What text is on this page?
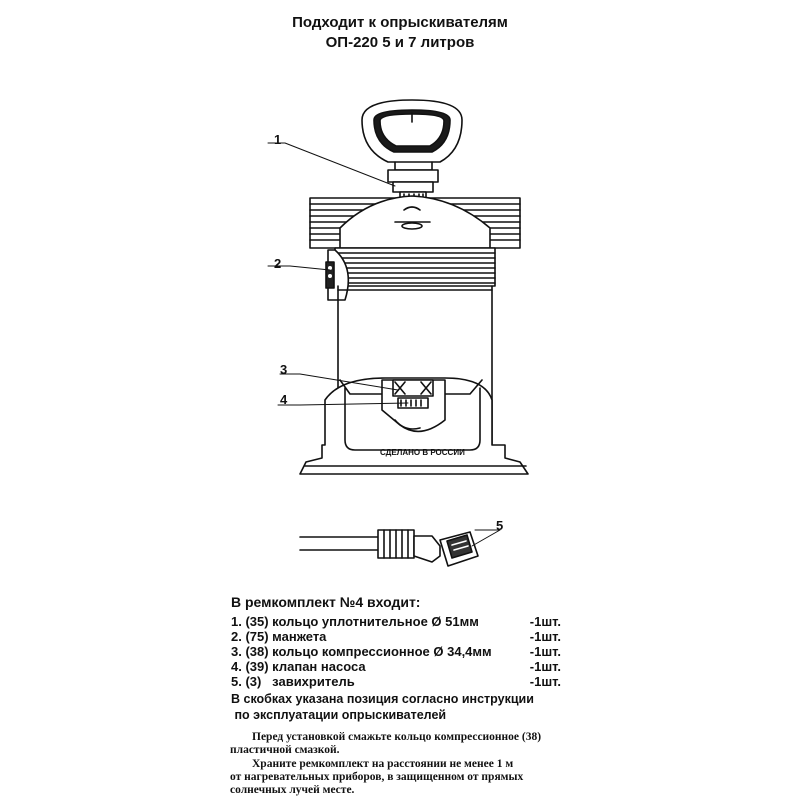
Подходит к опрыскивателям
ОП-220 5 и 7 литров
СДЕЛАНО В РОССИИ
1
2
3
4
5
В ремкомплект №4 входит:
1. (35) кольцо уплотнительное Ø 51мм	-1шт.
2. (75) манжета	-1шт.
3. (38) кольцо компрессионное Ø 34,4мм	-1шт.
4. (39) клапан насоса	-1шт.
5. (3)   завихритель	-1шт.
В скобках указана позиция согласно инструкции
по эксплуатации опрыскивателей
Перед установкой смажьте кольцо компрессионное (38)
пластичной смазкой.
Храните ремкомплект на расстоянии не менее 1 м
от нагревательных приборов, в защищенном от прямых
солнечных лучей месте.
